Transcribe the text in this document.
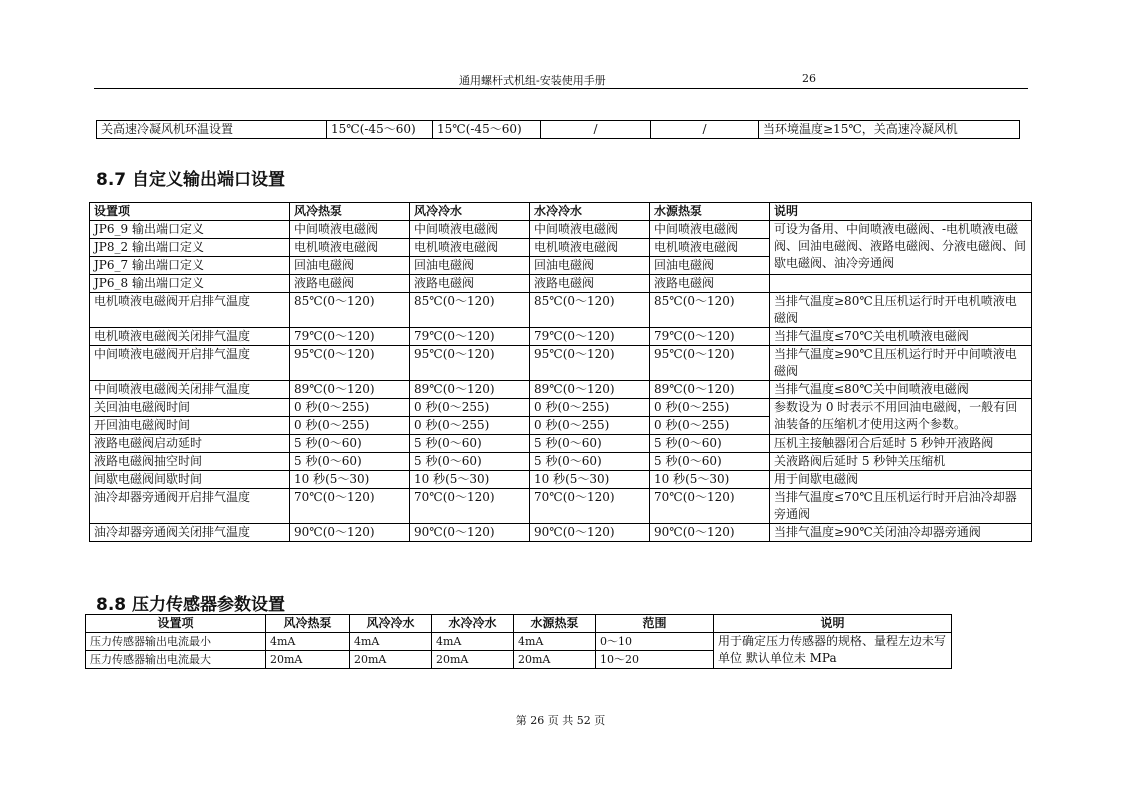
通用螺杆式机组-安装使用手册	26
关高速冷凝风机环温设置	15℃(-45～60)	15℃(-45～60)	/	/	当环境温度≥15℃，关高速冷凝风机
8.7 自定义输出端口设置
设置项	风冷热泵	风冷冷水	水冷冷水	水源热泵	说明
JP6_9 输出端口定义	中间喷液电磁阀	中间喷液电磁阀	中间喷液电磁阀	中间喷液电磁阀	可设为备用、中间喷液电磁阀、-电机喷液电磁阀、回油电磁阀、液路电磁阀、分液电磁阀、间歇电磁阀、油冷旁通阀
JP8_2 输出端口定义	电机喷液电磁阀	电机喷液电磁阀	电机喷液电磁阀	电机喷液电磁阀	
JP6_7 输出端口定义	回油电磁阀	回油电磁阀	回油电磁阀	回油电磁阀	
JP6_8 输出端口定义	液路电磁阀	液路电磁阀	液路电磁阀	液路电磁阀	
电机喷液电磁阀开启排气温度	85℃(0～120)	85℃(0～120)	85℃(0～120)	85℃(0～120)	当排气温度≥80℃且压机运行时开电机喷液电磁阀
电机喷液电磁阀关闭排气温度	79℃(0～120)	79℃(0～120)	79℃(0～120)	79℃(0～120)	当排气温度≤70℃关电机喷液电磁阀
中间喷液电磁阀开启排气温度	95℃(0～120)	95℃(0～120)	95℃(0～120)	95℃(0～120)	当排气温度≥90℃且压机运行时开中间喷液电磁阀
中间喷液电磁阀关闭排气温度	89℃(0～120)	89℃(0～120)	89℃(0～120)	89℃(0～120)	当排气温度≤80℃关中间喷液电磁阀
关回油电磁阀时间	0 秒(0～255)	0 秒(0～255)	0 秒(0～255)	0 秒(0～255)	参数设为 0 时表示不用回油电磁阀，一般有回油装备的压缩机才使用这两个参数。
开回油电磁阀时间	0 秒(0～255)	0 秒(0～255)	0 秒(0～255)	0 秒(0～255)	
液路电磁阀启动延时	5 秒(0～60)	5 秒(0～60)	5 秒(0～60)	5 秒(0～60)	压机主接触器闭合后延时 5 秒钟开液路阀
液路电磁阀抽空时间	5 秒(0～60)	5 秒(0～60)	5 秒(0～60)	5 秒(0～60)	关液路阀后延时 5 秒钟关压缩机
间歇电磁阀间歇时间	10 秒(5～30)	10 秒(5～30)	10 秒(5～30)	10 秒(5～30)	用于间歇电磁阀
油冷却器旁通阀开启排气温度	70℃(0～120)	70℃(0～120)	70℃(0～120)	70℃(0～120)	当排气温度≤70℃且压机运行时开启油冷却器旁通阀
油冷却器旁通阀关闭排气温度	90℃(0～120)	90℃(0～120)	90℃(0～120)	90℃(0～120)	当排气温度≥90℃关闭油冷却器旁通阀
8.8 压力传感器参数设置
设置项	风冷热泵	风冷冷水	水冷冷水	水源热泵	范围	说明
压力传感器输出电流最小	4mA	4mA	4mA	4mA	0～10	用于确定压力传感器的规格、量程左边未写单位 默认单位未 MPa
压力传感器输出电流最大	20mA	20mA	20mA	20mA	10～20	
第 26 页 共 52 页
